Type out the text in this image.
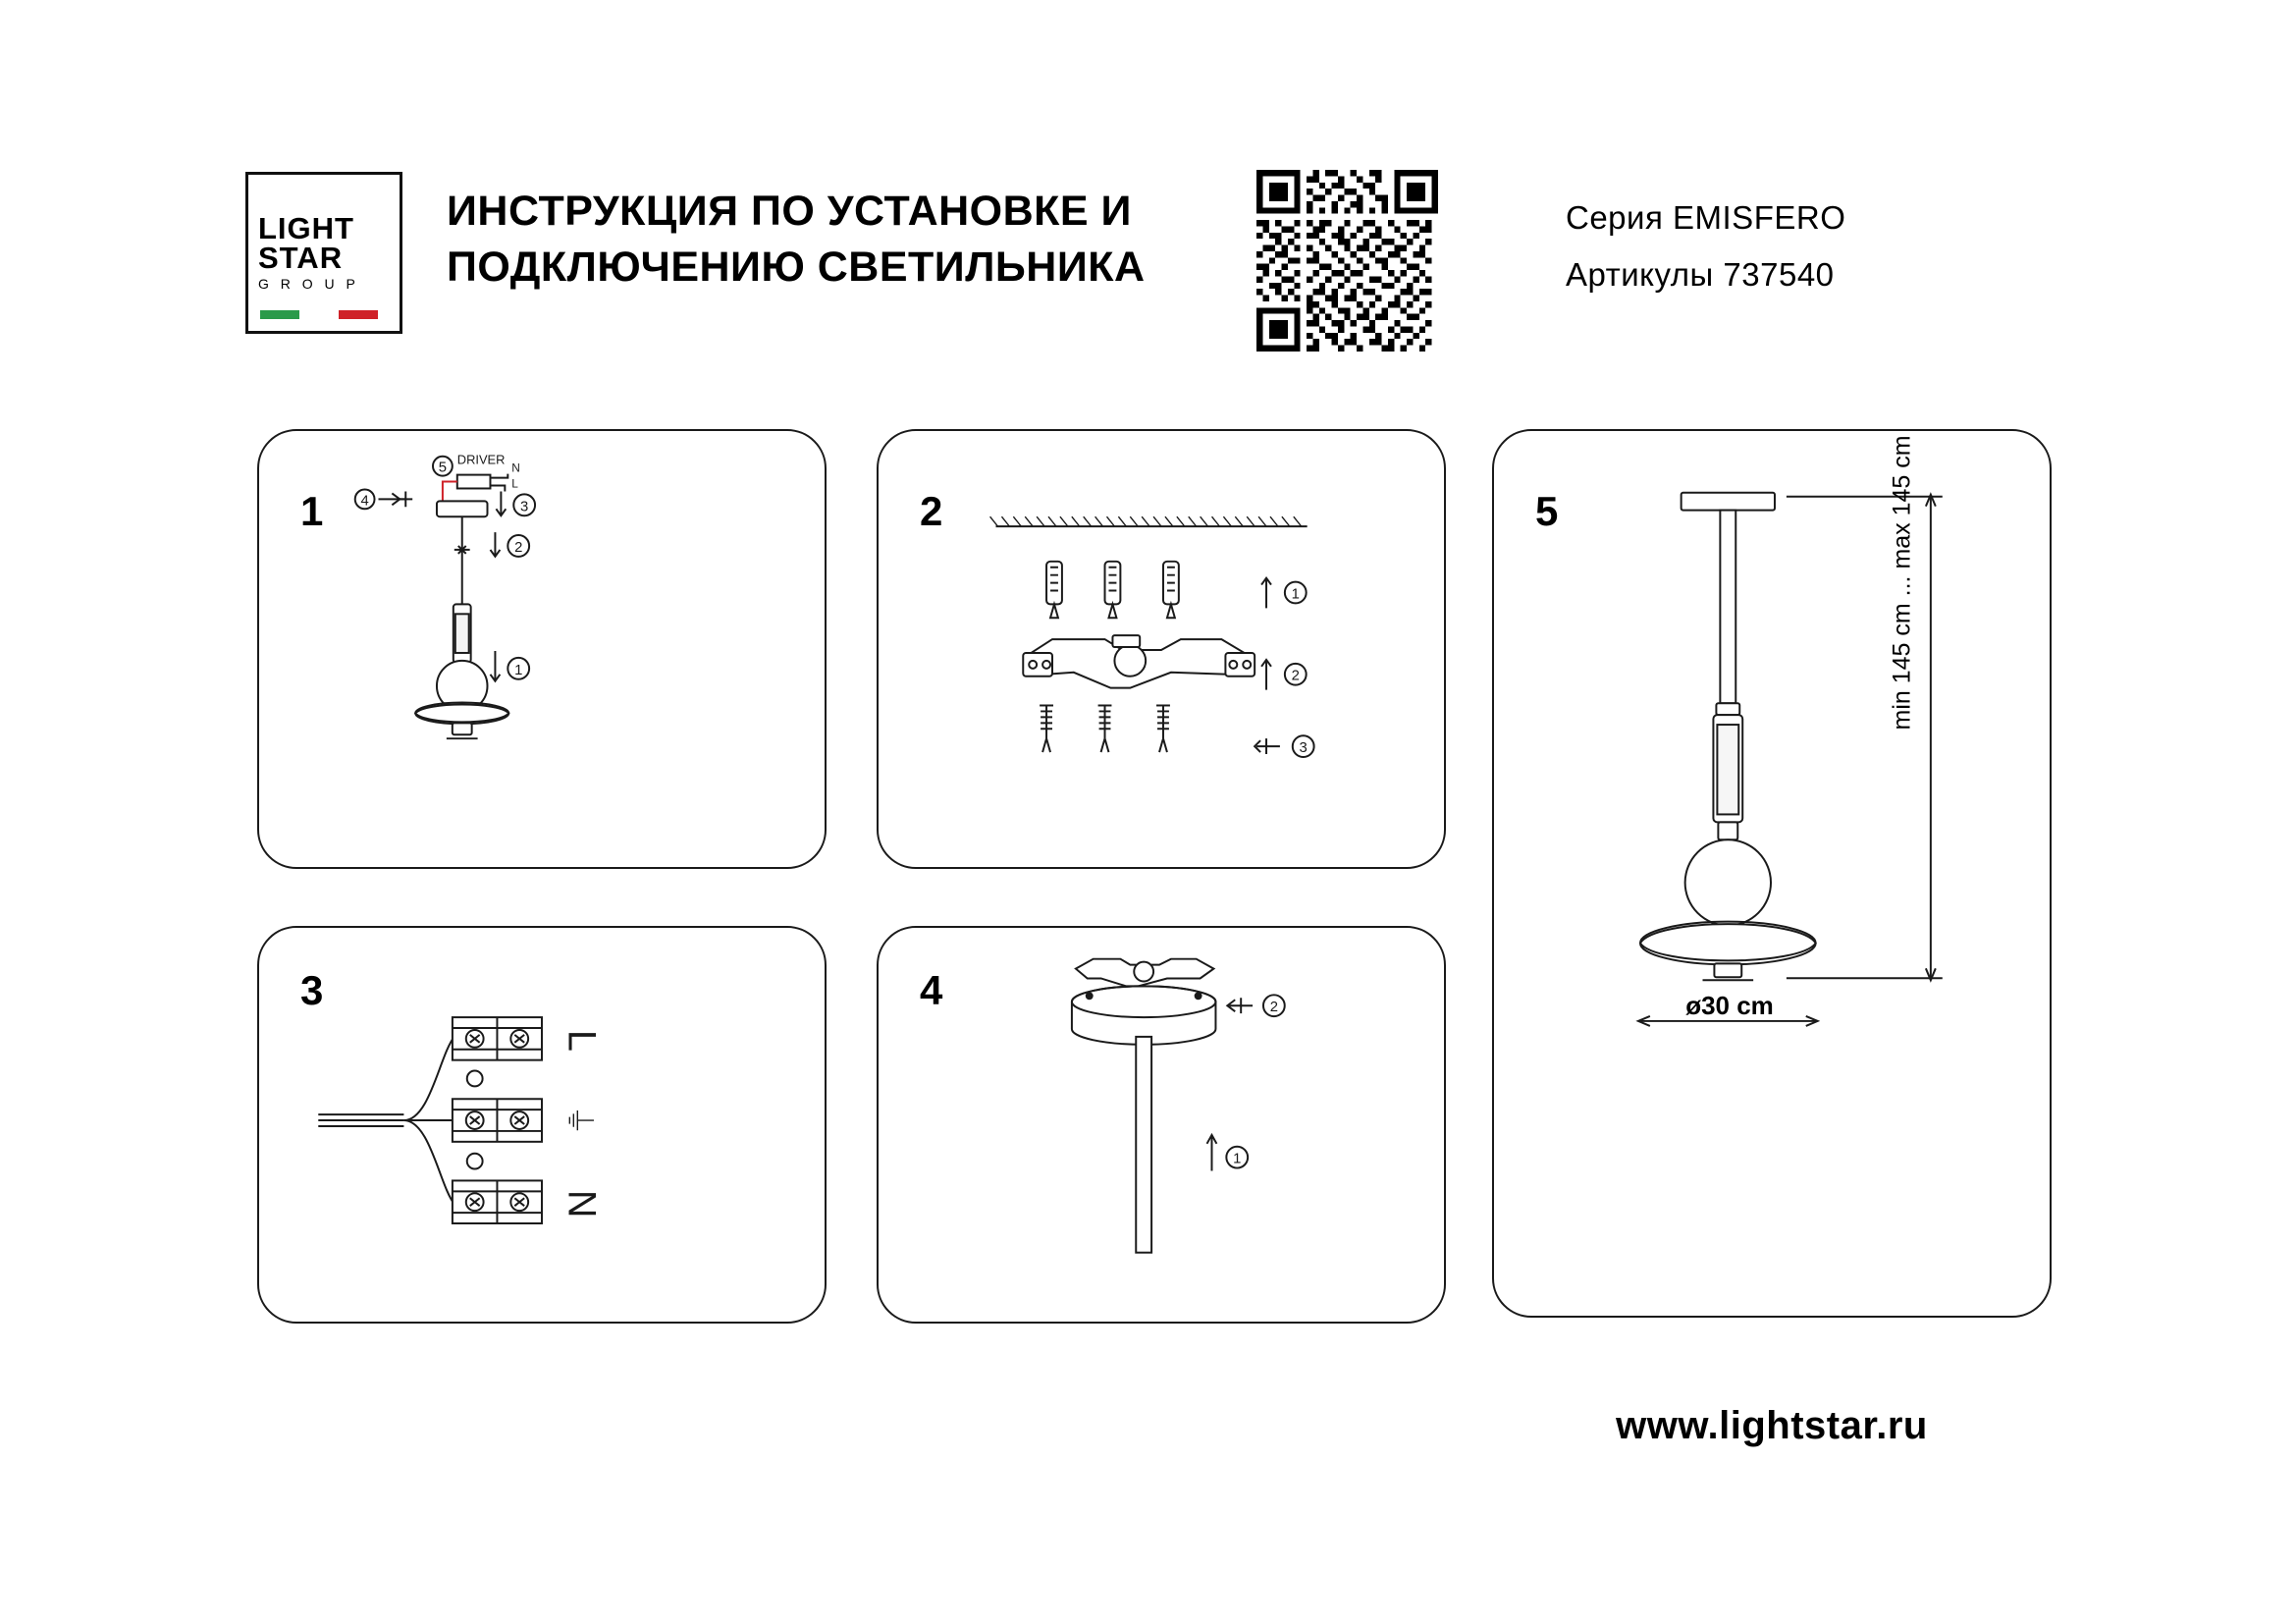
LIGHT
STAR
G R O U P
ИНСТРУКЦИЯ ПО УСТАНОВКЕ И ПОДКЛЮЧЕНИЮ СВЕТИЛЬНИКА
Серия EMISFERO
Артикулы 737540
1
5
4	3
2
1
DRIVER
N
L
2
1
2
3
3
L
⏚
N
4	2
1
5	min 145 cm ... max 145 cm
ø30 cm
www.lightstar.ru
